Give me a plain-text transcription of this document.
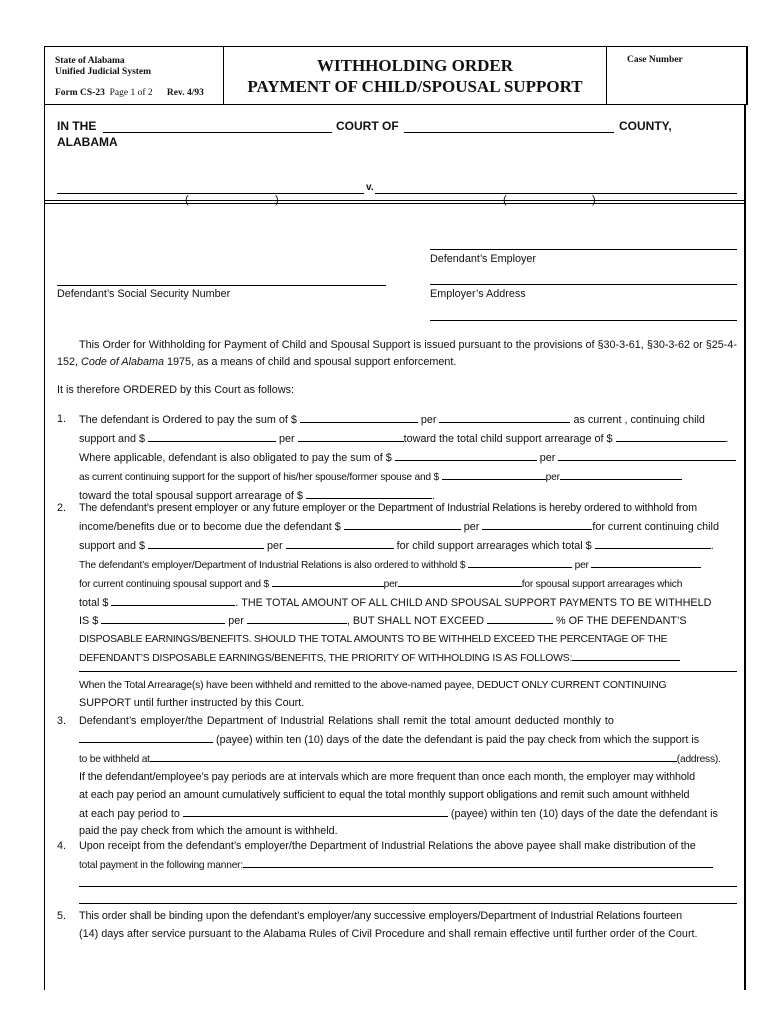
State of Alabama
Unified Judicial System
Form CS-23 Page 1 of 2 Rev. 4/93
WITHHOLDING ORDER
PAYMENT OF CHILD/SPOUSAL SUPPORT
Case Number
IN THE	COURT OF	COUNTY,
ALABAMA
v.
(	)	(	)
Defendant’s Employer
Defendant’s Social Security Number	Employer’s Address
This Order for Withholding for Payment of Child and Spousal Support is issued pursuant to the provisions of §30-3-61, §30-3-62 or §25-4-152, Code of Alabama 1975, as a means of child and spousal support enforcement.
It is therefore ORDERED by this Court as follows:
1. The defendant is Ordered to pay the sum of $	per	as current , continuing child
support and $	per	toward the total child support arrearage of $	.
Where applicable, defendant is also obligated to pay the sum of $	per
as current continuing support for the support of his/her spouse/former spouse and $	per
toward the total spousal support arrearage of $	.
2. The defendant’s present employer or any future employer or the Department of Industrial Relations is hereby ordered to withhold from
income/benefits due or to become due the defendant $	per	for current continuing child
support and $	per	for child support arrearages which total $	.
The defendant’s employer/Department of Industrial Relations is also ordered to withhold $	per
for current continuing spousal support and $	per	for spousal support arrearages which
total $	. THE TOTAL AMOUNT OF ALL CHILD AND SPOUSAL SUPPORT PAYMENTS TO BE WITHHELD
IS $	per	, BUT SHALL NOT EXCEED	% OF THE DEFENDANT’S
DISPOSABLE EARNINGS/BENEFITS. SHOULD THE TOTAL AMOUNTS TO BE WITHHELD EXCEED THE PERCENTAGE OF THE
DEFENDANT’S DISPOSABLE EARNINGS/BENEFITS, THE PRIORITY OF WITHHOLDING IS AS FOLLOWS:
When the Total Arrearage(s) have been withheld and remitted to the above-named payee, DEDUCT ONLY CURRENT CONTINUING
SUPPORT until further instructed by this Court.
3. Defendant’s employer/the Department of Industrial Relations shall remit the total amount deducted monthly to
(payee) within ten (10) days of the date the defendant is paid the pay check from which the support is
to be withheld at	(address).
If the defendant/employee’s pay periods are at intervals which are more frequent than once each month, the employer may withhold
at each pay period an amount cumulatively sufficient to equal the total monthly support obligations and remit such amount withheld
at each pay period to	(payee) within ten (10) days of the date the defendant is
paid the pay check from which the amount is withheld.
4. Upon receipt from the defendant’s employer/the Department of Industrial Relations the above payee shall make distribution of the
total payment in the following manner:
5. This order shall be binding upon the defendant’s employer/any successive employers/Department of Industrial Relations fourteen
(14) days after service pursuant to the Alabama Rules of Civil Procedure and shall remain effective until further order of the Court.
